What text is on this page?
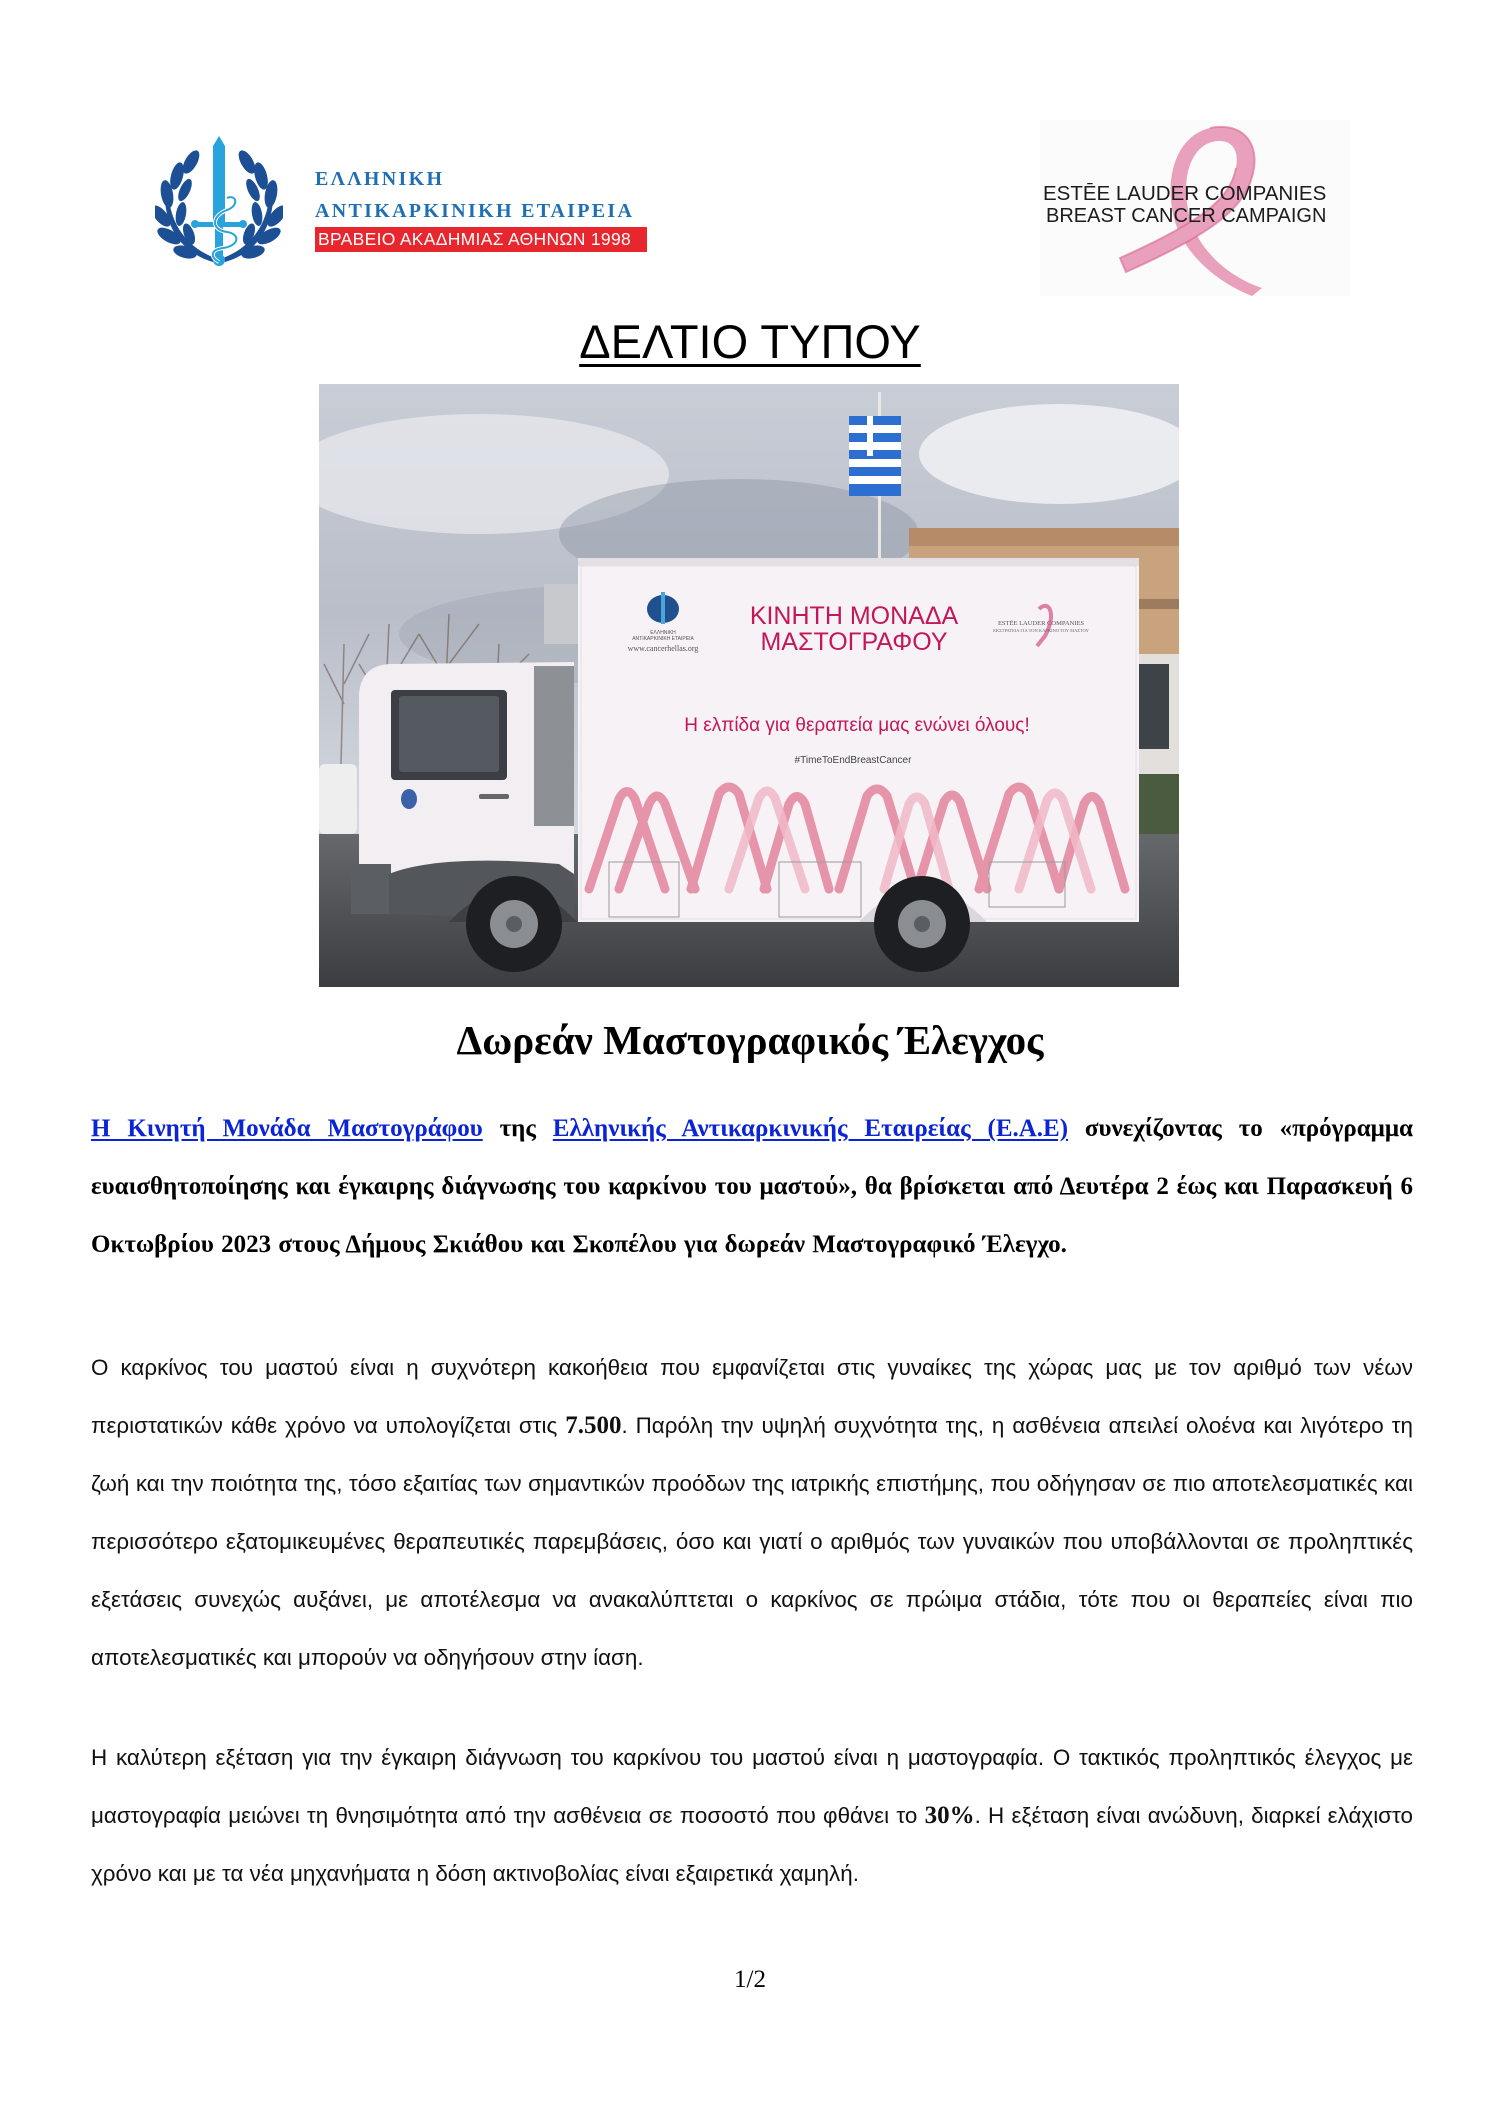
ΕΛΛΗΝΙΚΗ
ΑΝΤΙΚΑΡΚΙΝΙΚΗ ΕΤΑΙΡΕΙΑ
ΒΡΑΒΕΙΟ ΑΚΑΔΗΜΙΑΣ ΑΘΗΝΩΝ 1998
ESTĒE LAUDER COMPANIES
BREAST CANCER CAMPAIGN
ΔΕΛΤΙΟ ΤΥΠΟΥ
ΕΛΛΗΝΙΚΗ
ΑΝΤΙΚΑΡΚΙΝΙΚΗ ΕΤΑΙΡΕΙΑ
www.cancerhellas.org
ΚΙΝΗΤΗ ΜΟΝΑΔΑ
ΜΑΣΤΟΓΡΑΦΟΥ
ESTĒE LAUDER COMPANIES
ΕΚΣΤΡΑΤΕΙΑ ΓΙΑ ΤΟΝ ΚΑΡΚΙΝΟ ΤΟΥ ΜΑΣΤΟΥ
Η ελπίδα για θεραπεία μας ενώνει όλους!
#TimeToEndBreastCancer
Δωρεάν Μαστογραφικός Έλεγχος

Η Κινητή Μονάδα Μαστογράφου της Ελληνικής Αντικαρκινικής Εταιρείας (Ε.Α.Ε) συνεχίζοντας το «πρόγραμμα ευαισθητοποίησης και έγκαιρης διάγνωσης του καρκίνου του μαστού», θα βρίσκεται από Δευτέρα 2 έως και Παρασκευή 6 Οκτωβρίου 2023 στους Δήμους Σκιάθου και Σκοπέλου για δωρεάν Μαστογραφικό Έλεγχο.

Ο καρκίνος του μαστού είναι η συχνότερη κακοήθεια που εμφανίζεται στις γυναίκες της χώρας μας με τον αριθμό των νέων περιστατικών κάθε χρόνο να υπολογίζεται στις 7.500. Παρόλη την υψηλή συχνότητα της, η ασθένεια απειλεί ολοένα και λιγότερο τη ζωή και την ποιότητα της, τόσο εξαιτίας των σημαντικών προόδων της ιατρικής επιστήμης, που οδήγησαν σε πιο αποτελεσματικές και περισσότερο εξατομικευμένες θεραπευτικές παρεμβάσεις, όσο και γιατί ο αριθμός των γυναικών που υποβάλλονται σε προληπτικές εξετάσεις συνεχώς αυξάνει, με αποτέλεσμα να ανακαλύπτεται ο καρκίνος σε πρώιμα στάδια, τότε που οι θεραπείες είναι πιο αποτελεσματικές και μπορούν να οδηγήσουν στην ίαση.

Η καλύτερη εξέταση για την έγκαιρη διάγνωση του καρκίνου του μαστού είναι η μαστογραφία. Ο τακτικός προληπτικός έλεγχος με μαστογραφία μειώνει τη θνησιμότητα από την ασθένεια σε ποσοστό που φθάνει το 30%. Η εξέταση είναι ανώδυνη, διαρκεί ελάχιστο χρόνο και με τα νέα μηχανήματα η δόση ακτινοβολίας είναι εξαιρετικά χαμηλή.

1/2
